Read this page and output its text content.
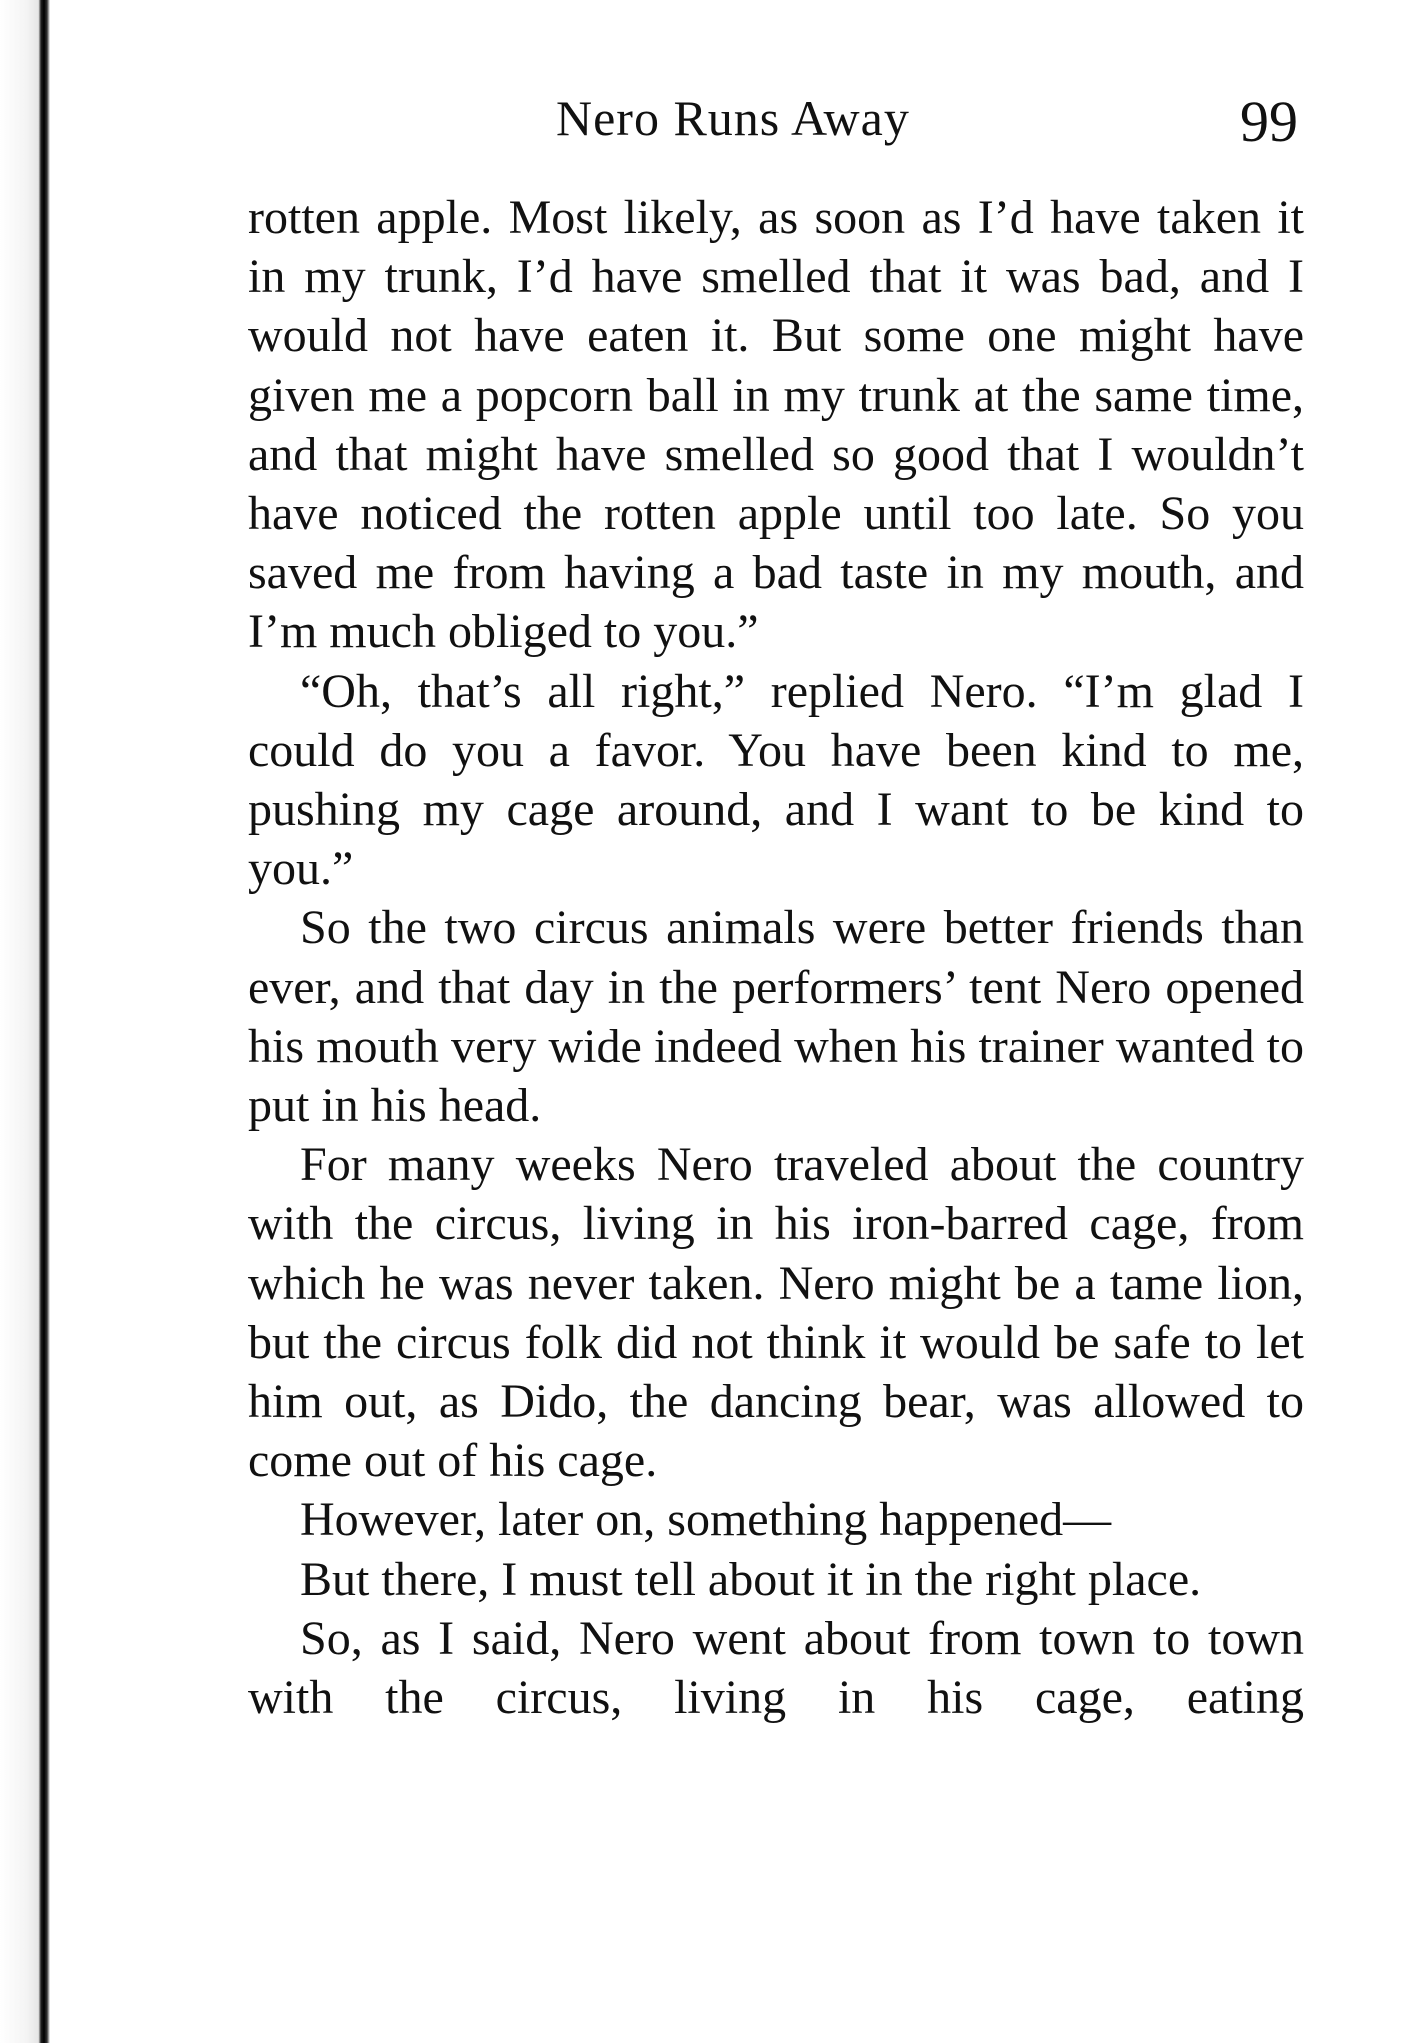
Nero Runs Away	99

rotten apple. Most likely, as soon as I’d have taken it in my trunk, I’d have smelled that it was bad, and I would not have eaten it. But some one might have given me a popcorn ball in my trunk at the same time, and that might have smelled so good that I wouldn’t have noticed the rotten apple until too late. So you saved me from having a bad taste in my mouth, and I’m much obliged to you.”

“Oh, that’s all right,” replied Nero. “I’m glad I could do you a favor. You have been kind to me, pushing my cage around, and I want to be kind to you.”

So the two circus animals were better friends than ever, and that day in the performers’ tent Nero opened his mouth very wide indeed when his trainer wanted to put in his head.

For many weeks Nero traveled about the country with the circus, living in his iron-barred cage, from which he was never taken. Nero might be a tame lion, but the circus folk did not think it would be safe to let him out, as Dido, the dancing bear, was allowed to come out of his cage.

However, later on, something happened—

But there, I must tell about it in the right place.

So, as I said, Nero went about from town to town with the circus, living in his cage, eating
